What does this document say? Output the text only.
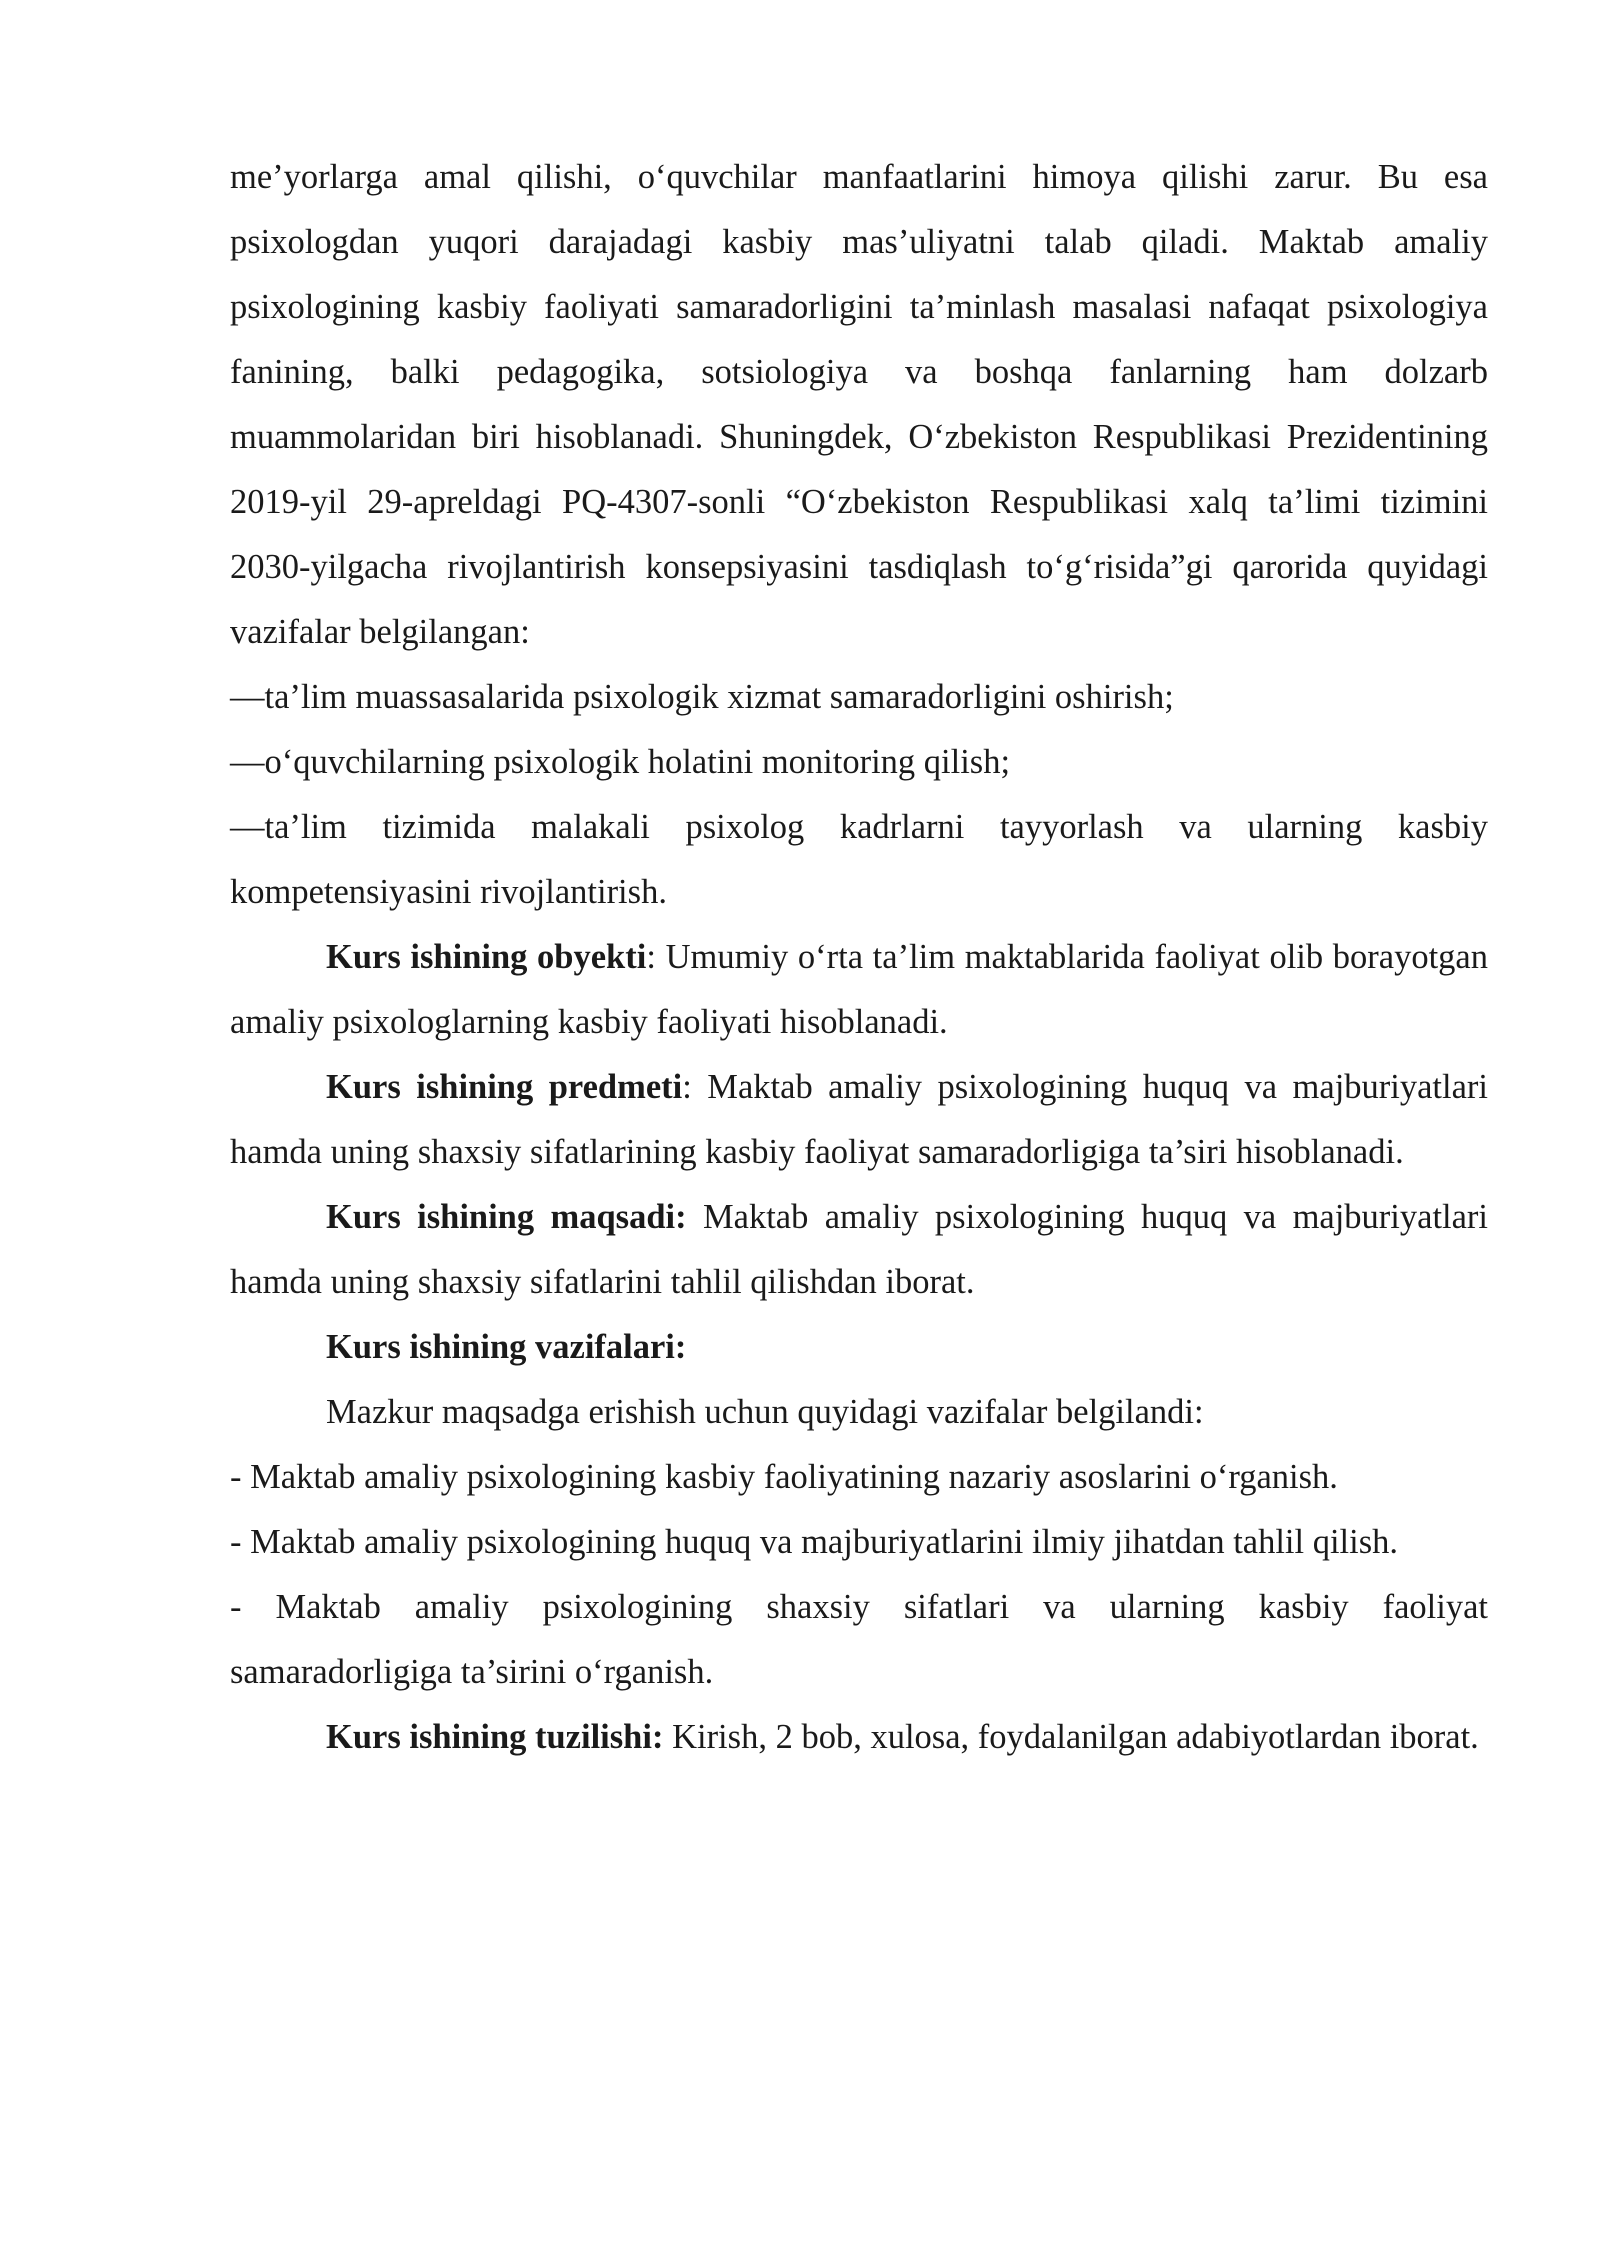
me’yorlarga amal qilishi, o‘quvchilar manfaatlarini himoya qilishi zarur. Bu esa psixologdan yuqori darajadagi kasbiy mas’uliyatni talab qiladi. Maktab amaliy psixologining kasbiy faoliyati samaradorligini ta’minlash masalasi nafaqat psixologiya fanining, balki pedagogika, sotsiologiya va boshqa fanlarning ham dolzarb muammolaridan biri hisoblanadi. Shuningdek, O‘zbekiston Respublikasi Prezidentining 2019-yil 29-apreldagi PQ-4307-sonli “O‘zbekiston Respublikasi xalq ta’limi tizimini 2030-yilgacha rivojlantirish konsepsiyasini tasdiqlash to‘g‘risida”gi qarorida quyidagi vazifalar belgilangan:

—ta’lim muassasalarida psixologik xizmat samaradorligini oshirish;

—o‘quvchilarning psixologik holatini monitoring qilish;

—ta’lim tizimida malakali psixolog kadrlarni tayyorlash va ularning kasbiy kompetensiyasini rivojlantirish.

Kurs ishining obyekti: Umumiy o‘rta ta’lim maktablarida faoliyat olib borayotgan amaliy psixologlarning kasbiy faoliyati hisoblanadi.

Kurs ishining predmeti: Maktab amaliy psixologining huquq va majburiyatlari hamda uning shaxsiy sifatlarining kasbiy faoliyat samaradorligiga ta’siri hisoblanadi.

Kurs ishining maqsadi: Maktab amaliy psixologining huquq va majburiyatlari hamda uning shaxsiy sifatlarini tahlil qilishdan iborat.

Kurs ishining vazifalari:

Mazkur maqsadga erishish uchun quyidagi vazifalar belgilandi:

- Maktab amaliy psixologining kasbiy faoliyatining nazariy asoslarini o‘rganish.

- Maktab amaliy psixologining huquq va majburiyatlarini ilmiy jihatdan tahlil qilish.

- Maktab amaliy psixologining shaxsiy sifatlari va ularning kasbiy faoliyat samaradorligiga ta’sirini o‘rganish.

Kurs ishining tuzilishi: Kirish, 2 bob, xulosa, foydalanilgan adabiyotlardan iborat.
